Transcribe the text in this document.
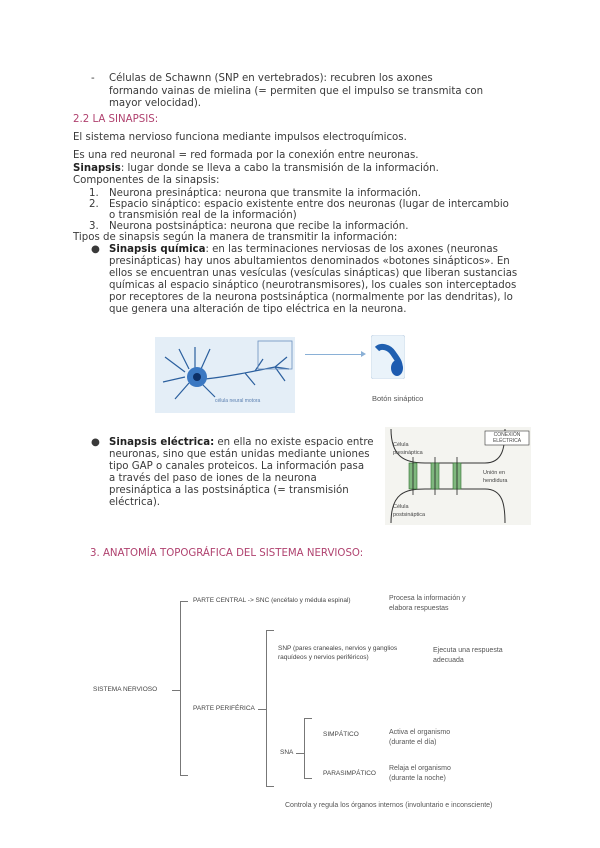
- Células de Schawnn (SNP en vertebrados): recubren los axones
formando vainas de mielina (= permiten que el impulso se transmita con
mayor velocidad).
2.2 LA SINAPSIS:
El sistema nervioso funciona mediante impulsos electroquímicos.
Es una red neuronal = red formada por la conexión entre neuronas.
Sinapsis: lugar donde se lleva a cabo la transmisión de la información.
Componentes de la sinapsis:
1. Neurona presináptica: neurona que transmite la información.
2. Espacio sináptico: espacio existente entre dos neuronas (lugar de intercambio
o transmisión real de la información)
3. Neurona postsináptica: neurona que recibe la información.
Tipos de sinapsis según la manera de transmitir la información:
● Sinapsis química: en las terminaciones nerviosas de los axones (neuronas
presinápticas) hay unos abultamientos denominados «botones sinápticos». En
ellos se encuentran unas vesículas (vesículas sinápticas) que liberan sustancias
químicas al espacio sináptico (neurotransmisores), los cuales son interceptados
por receptores de la neurona postsináptica (normalmente por las dendritas), lo
que genera una alteración de tipo eléctrica en la neurona.
célula neural motora	Botón sináptico
● Sinapsis eléctrica: en ella no existe espacio entre
neuronas, sino que están unidas mediante uniones
tipo GAP o canales proteicos. La información pasa
a través del paso de iones de la neurona
presináptica a las postsináptica (= transmisión
eléctrica).
CONEXIÓN ELÉCTRICA
Célula presináptica
Unión en hendidura
Célula postsináptica
3. ANATOMÍA TOPOGRÁFICA DEL SISTEMA NERVIOSO:
SISTEMA NERVIOSO
PARTE CENTRAL -> SNC (encéfalo y médula espinal)	Procesa la información y
elabora respuestas
PARTE PERIFÉRICA
SNP (pares craneales, nervios y ganglios
raquídeos y nervios periféricos)
Ejecuta una respuesta
adecuada
SNA
SIMPÁTICO	Activa el organismo
(durante el día)
PARASIMPÁTICO
Relaja el organismo
(durante la noche)
Controla y regula los órganos internos (involuntario e inconsciente)
